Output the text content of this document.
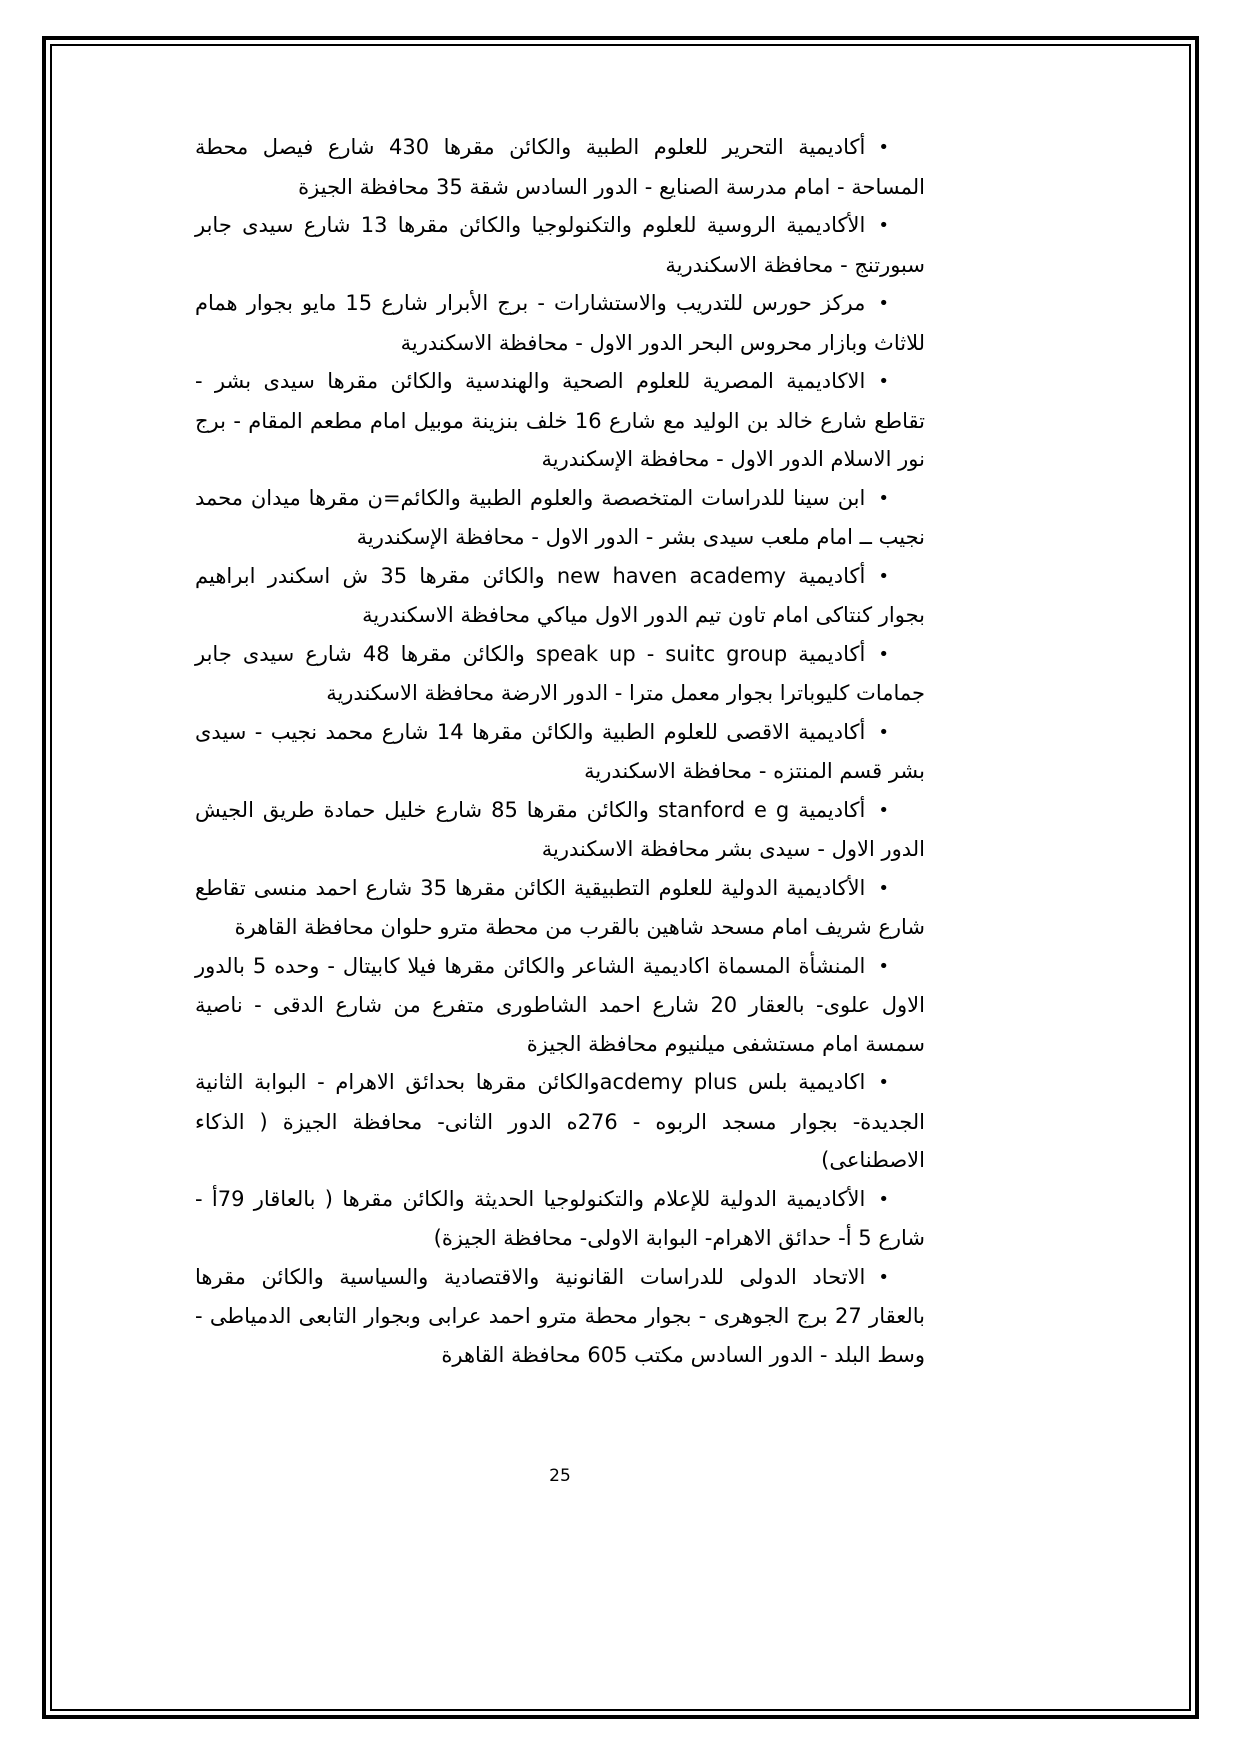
•أكاديمية التحرير للعلوم الطبية والكائن مقرها 430 شارع فيصل محطة المساحة - امام مدرسة الصنايع - الدور السادس شقة 35 محافظة الجيزة
•الأكاديمية الروسية للعلوم والتكنولوجيا والكائن مقرها 13 شارع سيدى جابر سبورتنج - محافظة الاسكندرية
•مركز حورس للتدريب والاستشارات - برج الأبرار شارع 15 مايو بجوار همام للاثاث وبازار محروس البحر الدور الاول - محافظة الاسكندرية
•الاكاديمية المصرية للعلوم الصحية والهندسية والكائن مقرها سيدى بشر - تقاطع شارع خالد بن الوليد مع شارع 16 خلف بنزينة موبيل امام مطعم المقام - برج نور الاسلام الدور الاول - محافظة الإسكندرية
•ابن سينا للدراسات المتخصصة والعلوم الطبية والكائم=ن مقرها ميدان محمد نجيب ــ امام ملعب سيدى بشر - الدور الاول - محافظة الإسكندرية
•أكاديمية new haven academy والكائن مقرها 35 ش اسكندر ابراهيم بجوار كنتاكى امام تاون تيم الدور الاول مياكي محافظة الاسكندرية
•أكاديمية speak up - suitc group والكائن مقرها 48 شارع سيدى جابر جمامات كليوباترا بجوار معمل مترا - الدور الارضة محافظة الاسكندرية
•أكاديمية الاقصى للعلوم الطبية والكائن مقرها 14 شارع محمد نجيب - سيدى بشر قسم المنتزه - محافظة الاسكندرية
•أكاديمية stanford e g والكائن مقرها 85 شارع خليل حمادة طريق الجيش الدور الاول - سيدى بشر محافظة الاسكندرية
•الأكاديمية الدولية للعلوم التطبيقية الكائن مقرها 35 شارع احمد منسى تقاطع شارع شريف امام مسحد شاهين بالقرب من محطة مترو حلوان محافظة القاهرة
•المنشأة المسماة اكاديمية الشاعر والكائن مقرها فيلا كابيتال - وحده 5 بالدور الاول علوى- بالعقار 20 شارع احمد الشاطورى متفرع من شارع الدقى - ناصية سمسة امام مستشفى ميلنيوم محافظة الجيزة
•اكاديمية بلس acdemy plusوالكائن مقرها بحدائق الاهرام - البوابة الثانية الجديدة- بجوار مسجد الربوه - 276ه الدور الثانى- محافظة الجيزة ( الذكاء الاصطناعى)
•الأكاديمية الدولية للإعلام والتكنولوجيا الحديثة والكائن مقرها ( بالعاقار 79أ - شارع 5 أ- حدائق الاهرام- البوابة الاولى- محافظة الجيزة)
•الاتحاد الدولى للدراسات القانونية والاقتصادية والسياسية والكائن مقرها بالعقار 27 برج الجوهرى - بجوار محطة مترو احمد عرابى وبجوار التابعى الدمياطى - وسط البلد - الدور السادس مكتب 605 محافظة القاهرة
25
